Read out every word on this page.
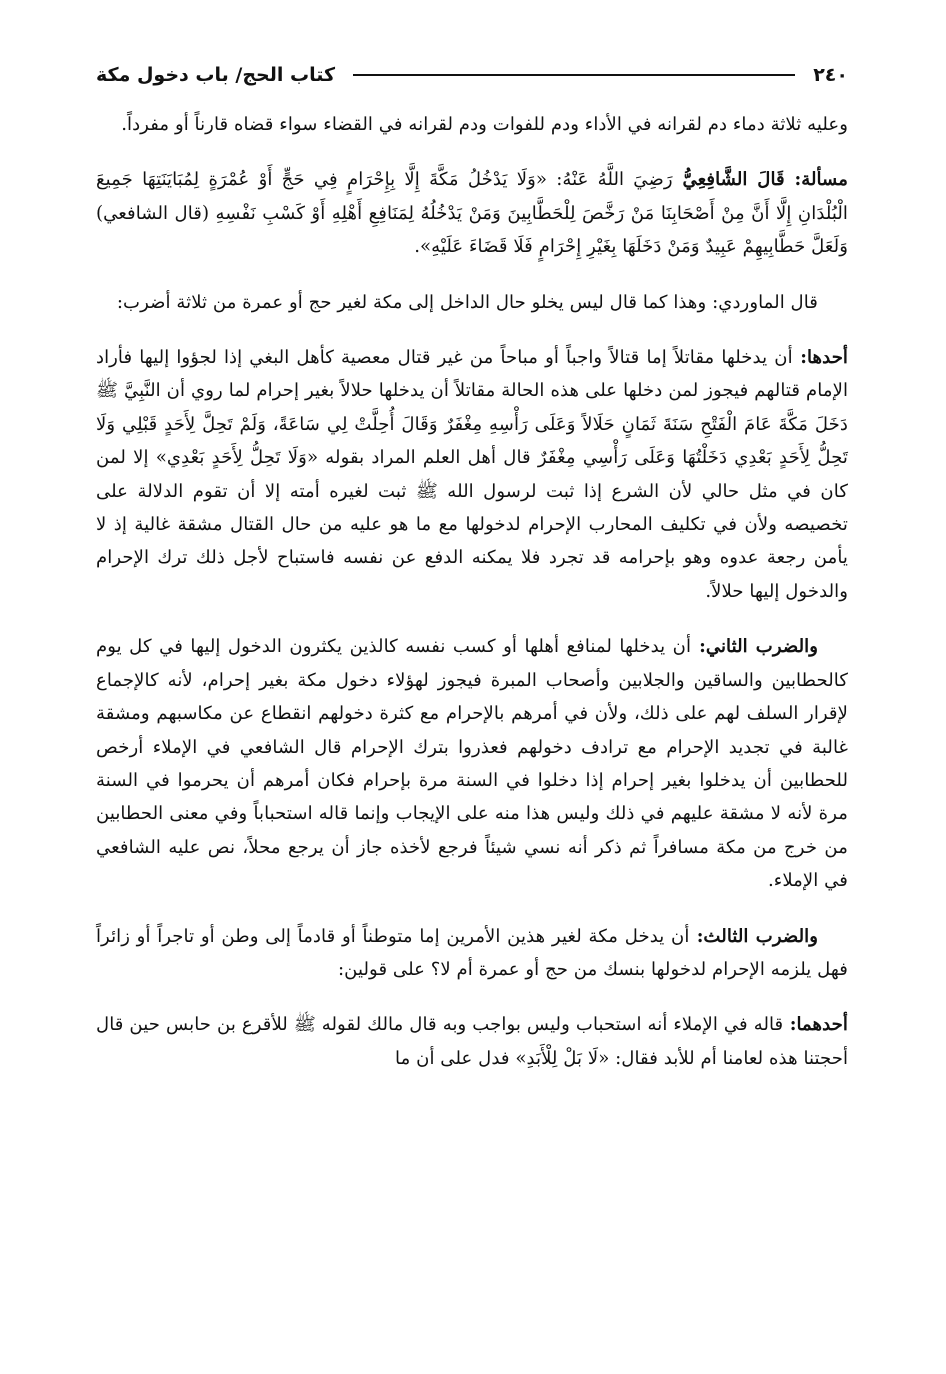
٢٤٠
كتاب الحج/ باب دخول مكة

وعليه ثلاثة دماء دم لقرانه في الأداء ودم للفوات ودم لقرانه في القضاء سواء قضاه قارناً أو مفرداً.

مسألة: قَالَ الشَّافِعِيُّ رَضِيَ اللَّهُ عَنْهُ: «وَلَا يَدْخُلُ مَكَّةَ إِلَّا بِإِحْرَامٍ فِي حَجٍّ أَوْ عُمْرَةٍ لِمُبَايَنَتِهَا جَمِيعَ الْبُلْدَانِ إِلَّا أَنَّ مِنْ أَصْحَابِنَا مَنْ رَخَّصَ لِلْحَطَّابِينَ وَمَنْ يَدْخُلُهُ لِمَنَافِعِ أَهْلِهِ أَوْ كَسْبِ نَفْسِهِ (قال الشافعي) وَلَعَلَّ حَطَّابِيهِمْ عَبِيدٌ وَمَنْ دَخَلَهَا بِغَيْرِ إِحْرَامٍ فَلَا قَضَاءَ عَلَيْهِ».

قال الماوردي: وهذا كما قال ليس يخلو حال الداخل إلى مكة لغير حج أو عمرة من ثلاثة أضرب:

أحدها: أن يدخلها مقاتلاً إما قتالاً واجباً أو مباحاً من غير قتال معصية كأهل البغي إذا لجؤوا إليها فأراد الإمام قتالهم فيجوز لمن دخلها على هذه الحالة مقاتلاً أن يدخلها حلالاً بغير إحرام لما روي أن النَّبِيَّ ﷺ دَخَلَ مَكَّةَ عَامَ الْفَتْحِ سَنَةَ ثَمَانٍ حَلَالاً وَعَلَى رَأْسِهِ مِغْفَرٌ وَقَالَ أُحِلَّتْ لِي سَاعَةً، وَلَمْ تَحِلَّ لِأَحَدٍ قَبْلِي وَلَا تَحِلُّ لِأَحَدٍ بَعْدِي دَخَلْتُهَا وَعَلَى رَأْسِي مِغْفَرٌ قال أهل العلم المراد بقوله «وَلَا تَحِلُّ لِأَحَدٍ بَعْدِي» إلا لمن كان في مثل حالي لأن الشرع إذا ثبت لرسول الله ﷺ ثبت لغيره أمته إلا أن تقوم الدلالة على تخصيصه ولأن في تكليف المحارب الإحرام لدخولها مع ما هو عليه من حال القتال مشقة غالية إذ لا يأمن رجعة عدوه وهو بإحرامه قد تجرد فلا يمكنه الدفع عن نفسه فاستباح لأجل ذلك ترك الإحرام والدخول إليها حلالاً.

والضرب الثاني: أن يدخلها لمنافع أهلها أو كسب نفسه كالذين يكثرون الدخول إليها في كل يوم كالحطابين والساقين والجلابين وأصحاب المبرة فيجوز لهؤلاء دخول مكة بغير إحرام، لأنه كالإجماع لإقرار السلف لهم على ذلك، ولأن في أمرهم بالإحرام مع كثرة دخولهم انقطاع عن مكاسبهم ومشقة غالبة في تجديد الإحرام مع ترادف دخولهم فعذروا بترك الإحرام قال الشافعي في الإملاء أرخص للحطابين أن يدخلوا بغير إحرام إذا دخلوا في السنة مرة بإحرام فكان أمرهم أن يحرموا في السنة مرة لأنه لا مشقة عليهم في ذلك وليس هذا منه على الإيجاب وإنما قاله استحباباً وفي معنى الحطابين من خرج من مكة مسافراً ثم ذكر أنه نسي شيئاً فرجع لأخذه جاز أن يرجع محلاً، نص عليه الشافعي في الإملاء.

والضرب الثالث: أن يدخل مكة لغير هذين الأمرين إما متوطناً أو قادماً إلى وطن أو تاجراً أو زائراً فهل يلزمه الإحرام لدخولها بنسك من حج أو عمرة أم لا؟ على قولين:

أحدهما: قاله في الإملاء أنه استحباب وليس بواجب وبه قال مالك لقوله ﷺ للأقرع بن حابس حين قال أحجتنا هذه لعامنا أم للأبد فقال: «لَا بَلْ لِلْأَبَدِ» فدل على أن ما
